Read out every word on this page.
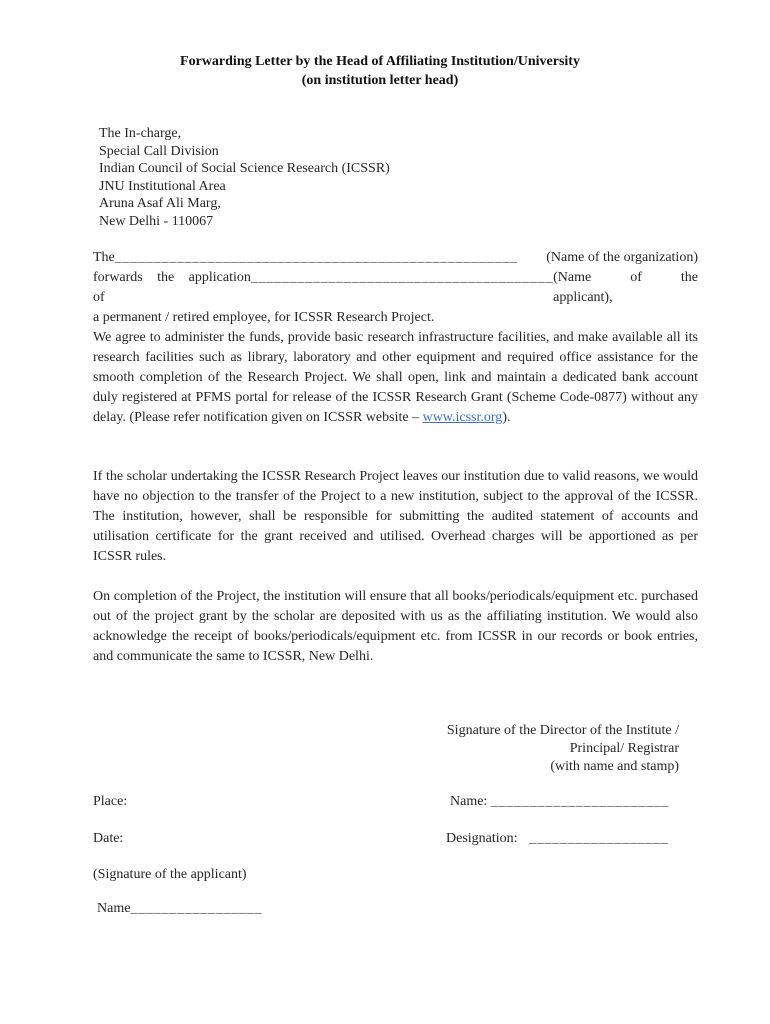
Forwarding Letter by the Head of Affiliating Institution/University
(on institution letter head)
The In-charge,
Special Call Division
Indian Council of Social Science Research (ICSSR)
JNU Institutional Area
Aruna Asaf Ali Marg,
New Delhi - 110067
The____________________________________________________ (Name of the organization)
forwards the application of
_______________________________________ (Name of the applicant),
a permanent / retired employee, for ICSSR Research Project.
We agree to administer the funds, provide basic research infrastructure facilities, and make available all its research facilities such as library, laboratory and other equipment and required office assistance for the smooth completion of the Research Project. We shall open, link and maintain a dedicated bank account duly registered at PFMS portal for release of the ICSSR Research Grant (Scheme Code-0877) without any delay. (Please refer notification given on ICSSR website – www.icssr.org).
If the scholar undertaking the ICSSR Research Project leaves our institution due to valid reasons, we would have no objection to the transfer of the Project to a new institution, subject to the approval of the ICSSR. The institution, however, shall be responsible for submitting the audited statement of accounts and utilisation certificate for the grant received and utilised. Overhead charges will be apportioned as per ICSSR rules.
On completion of the Project, the institution will ensure that all books/periodicals/equipment etc. purchased out of the project grant by the scholar are deposited with us as the affiliating institution. We would also acknowledge the receipt of books/periodicals/equipment etc. from ICSSR in our records or book entries, and communicate the same to ICSSR, New Delhi.
Signature of the Director of the Institute /
Principal/ Registrar
(with name and stamp)
Place:	Name: _______________________
Date:	Designation: __________________
(Signature of the applicant)
Name_________________
